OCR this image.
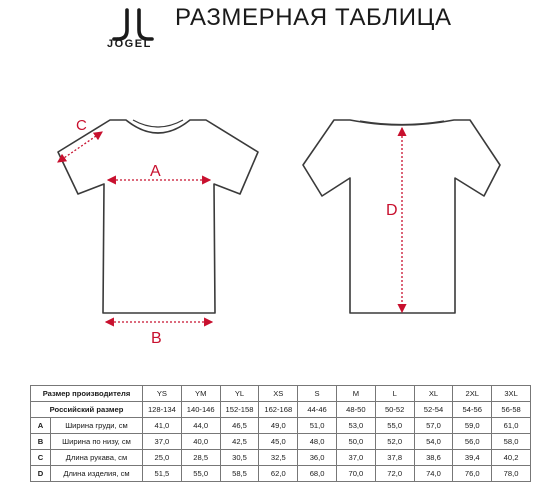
JÖGEL
РАЗМЕРНАЯ ТАБЛИЦА
A
B
C
D
Размер производителя		YS	YM	YL	XS	S	M	L	XL	2XL	3XL
Российский размер		128-134	140-146	152-158	162-168	44-46	48-50	50-52	52-54	54-56	56-58
A	Ширина груди, см	41,0	44,0	46,5	49,0	51,0	53,0	55,0	57,0	59,0	61,0
B	Ширина по низу, см	37,0	40,0	42,5	45,0	48,0	50,0	52,0	54,0	56,0	58,0
C	Длина рукава, см	25,0	28,5	30,5	32,5	36,0	37,0	37,8	38,6	39,4	40,2
D	Длина изделия, см	51,5	55,0	58,5	62,0	68,0	70,0	72,0	74,0	76,0	78,0
